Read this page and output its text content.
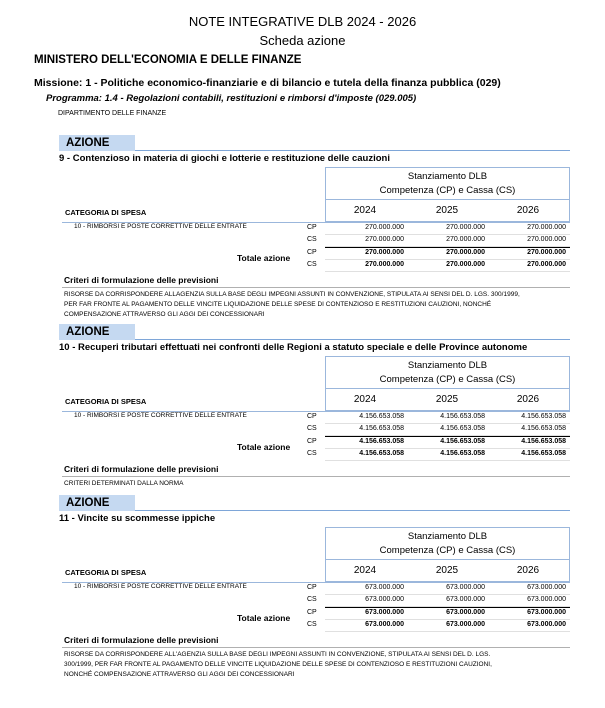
NOTE INTEGRATIVE DLB 2024 - 2026
Scheda azione
MINISTERO DELL'ECONOMIA E DELLE FINANZE
Missione: 1 - Politiche economico-finanziarie e di bilancio e tutela della finanza pubblica (029)
Programma: 1.4 - Regolazioni contabili, restituzioni e rimborsi d'imposte (029.005)
DIPARTIMENTO DELLE FINANZE
AZIONE
9 - Contenzioso in materia di giochi e lotterie e restituzione delle cauzioni
Stanziamento DLB
Competenza (CP) e Cassa (CS)
2024	2025	2026
CATEGORIA DI SPESA
10 - RIMBORSI E POSTE CORRETTIVE DELLE ENTRATE
Totale azione
CP	270.000.000	270.000.000	270.000.000
CS	270.000.000	270.000.000	270.000.000
CP	270.000.000	270.000.000	270.000.000
CS	270.000.000	270.000.000	270.000.000
Criteri di formulazione delle previsioni
RISORSE DA CORRISPONDERE ALLAGENZIA SULLA BASE DEGLI IMPEGNI ASSUNTI IN CONVENZIONE, STIPULATA AI SENSI DEL D. LGS. 300/1999,
PER FAR FRONTE AL PAGAMENTO DELLE VINCITE LIQUIDAZIONE DELLE SPESE DI CONTENZIOSO E RESTITUZIONI CAUZIONI, NONCHÉ
COMPENSAZIONE ATTRAVERSO GLI AGGI DEI CONCESSIONARI
AZIONE
10 - Recuperi tributari effettuati nei confronti delle Regioni a statuto speciale e delle Province autonome
Stanziamento DLB
Competenza (CP) e Cassa (CS)
2024	2025	2026
CATEGORIA DI SPESA
10 - RIMBORSI E POSTE CORRETTIVE DELLE ENTRATE
Totale azione
CP	4.156.653.058	4.156.653.058	4.156.653.058
CS	4.156.653.058	4.156.653.058	4.156.653.058
CP	4.156.653.058	4.156.653.058	4.156.653.058
CS	4.156.653.058	4.156.653.058	4.156.653.058
Criteri di formulazione delle previsioni
CRITERI DETERMINATI DALLA NORMA
AZIONE
11 - Vincite su scommesse ippiche
Stanziamento DLB
Competenza (CP) e Cassa (CS)
2024	2025	2026
CATEGORIA DI SPESA
10 - RIMBORSI E POSTE CORRETTIVE DELLE ENTRATE
Totale azione
CP	673.000.000	673.000.000	673.000.000
CS	673.000.000	673.000.000	673.000.000
CP	673.000.000	673.000.000	673.000.000
CS	673.000.000	673.000.000	673.000.000
Criteri di formulazione delle previsioni
RISORSE DA CORRISPONDERE ALL'AGENZIA SULLA BASE DEGLI IMPEGNI ASSUNTI IN CONVENZIONE, STIPULATA AI SENSI DEL D. LGS.
300/1999, PER FAR FRONTE AL PAGAMENTO DELLE VINCITE LIQUIDAZIONE DELLE SPESE DI CONTENZIOSO E RESTITUZIONI CAUZIONI,
NONCHÉ COMPENSAZIONE ATTRAVERSO GLI AGGI DEI CONCESSIONARI
